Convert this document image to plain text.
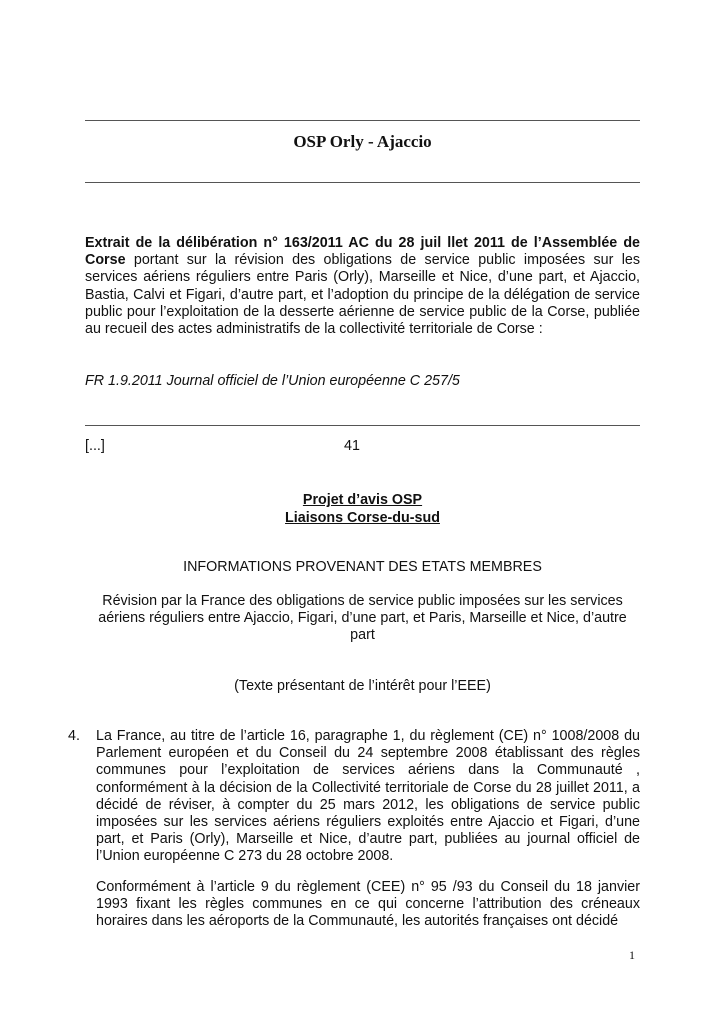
OSP Orly - Ajaccio
Extrait de la délibération n° 163/2011 AC du 28 juil llet 2011 de l’Assemblée de Corse portant sur la révision des obligations de service public imposées sur les services aériens réguliers entre Paris (Orly), Marseille et Nice, d’une part, et Ajaccio, Bastia, Calvi et Figari, d’autre part, et l’adoption du principe de la délégation de service public pour l’exploitation de la desserte aérienne de service public de la Corse, publiée au recueil des actes administratifs de la collectivité territoriale de Corse :
FR 1.9.2011 Journal officiel de l’Union européenne C 257/5
[...]	41
Projet d’avis OSP
Liaisons Corse-du-sud
INFORMATIONS PROVENANT DES ETATS MEMBRES
Révision par la France des obligations de service public imposées sur les services
aériens réguliers entre Ajaccio, Figari, d’une part, et Paris, Marseille et Nice, d’autre
part
(Texte présentant de l’intérêt pour l’EEE)
4. La France, au titre de l’article 16, paragraphe 1, du règlement (CE) n° 1008/2008 du Parlement européen et du Conseil du 24 septembre 2008 établissant des règles communes pour l’exploitation de services aériens dans la Communauté , conformément à la décision de la Collectivité territoriale de Corse du 28 juillet 2011, a décidé de réviser, à compter du 25 mars 2012, les obligations de service public imposées sur les services aériens réguliers exploités entre Ajaccio et Figari, d’une part, et Paris (Orly), Marseille et Nice, d’autre part, publiées au journal officiel de l’Union européenne C 273 du 28 octobre 2008.
Conformément à l’article 9 du règlement (CEE) n° 95 /93 du Conseil du 18 janvier 1993 fixant les règles communes en ce qui concerne l’attribution des créneaux horaires dans les aéroports de la Communauté, les autorités françaises ont décidé
1
